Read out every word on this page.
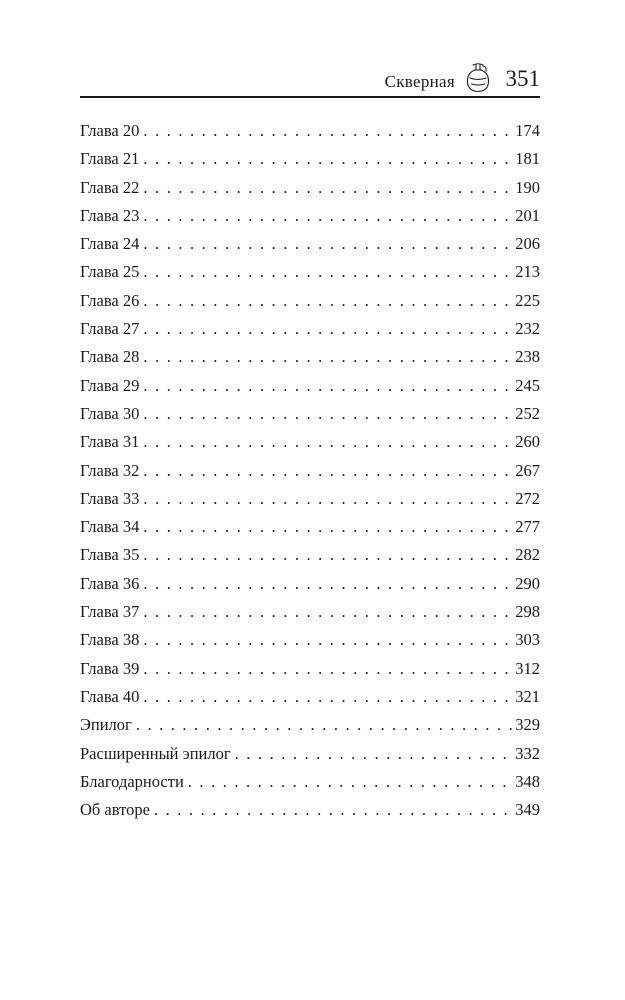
Скверная 351
Глава 20 . . .	174
Глава 21 . . .	181
Глава 22 . . .	190
Глава 23 . . .	201
Глава 24 . . .	206
Глава 25 . . .	213
Глава 26 . . .	225
Глава 27 . . .	232
Глава 28 . . .	238
Глава 29 . . .	245
Глава 30 . . .	252
Глава 31 . . .	260
Глава 32 . . .	267
Глава 33 . . .	272
Глава 34 . . .	277
Глава 35 . . .	282
Глава 36 . . .	290
Глава 37 . . .	298
Глава 38 . . .	303
Глава 39 . . .	312
Глава 40 . . .	321
Эпилог . . .	329
Расширенный эпилог . . .	332
Благодарности . . .	348
Об авторе . . .	349
